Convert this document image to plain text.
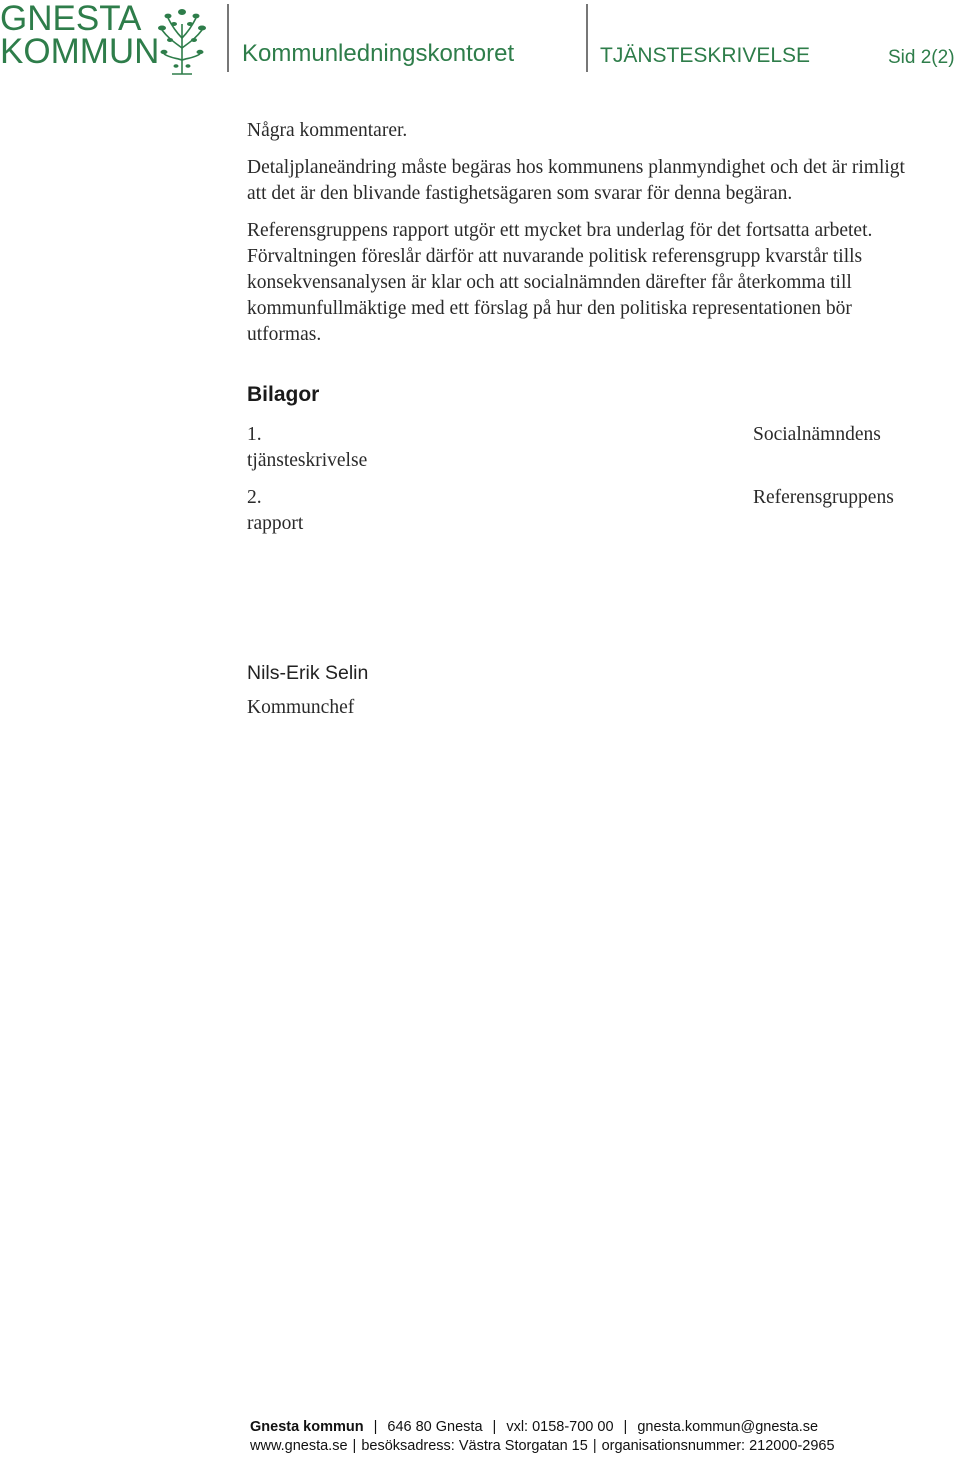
GNESTA
KOMMUN	Kommunledningskontoret	TJÄNSTESKRIVELSE	Sid 2(2)

Några kommentarer.

Detaljplaneändring måste begäras hos kommunens planmyndighet och det är rimligt att det är den blivande fastighetsägaren som svarar för denna begäran.

Referensgruppens rapport utgör ett mycket bra underlag för det fortsatta arbetet. Förvaltningen föreslår därför att nuvarande politisk referensgrupp kvarstår tills konsekvensanalysen är klar och att socialnämnden därefter får återkomma till kommunfullmäktige med ett förslag på hur den politiska representationen bör utformas.

Bilagor
1.	Socialnämndens
tjänsteskrivelse
2.	Referensgruppens
rapport
Nils-Erik Selin
Kommunchef
Gnesta kommun | 646 80 Gnesta | vxl: 0158-700 00 | gnesta.kommun@gnesta.se
www.gnesta.se | besöksadress: Västra Storgatan 15 | organisationsnummer: 212000-2965
